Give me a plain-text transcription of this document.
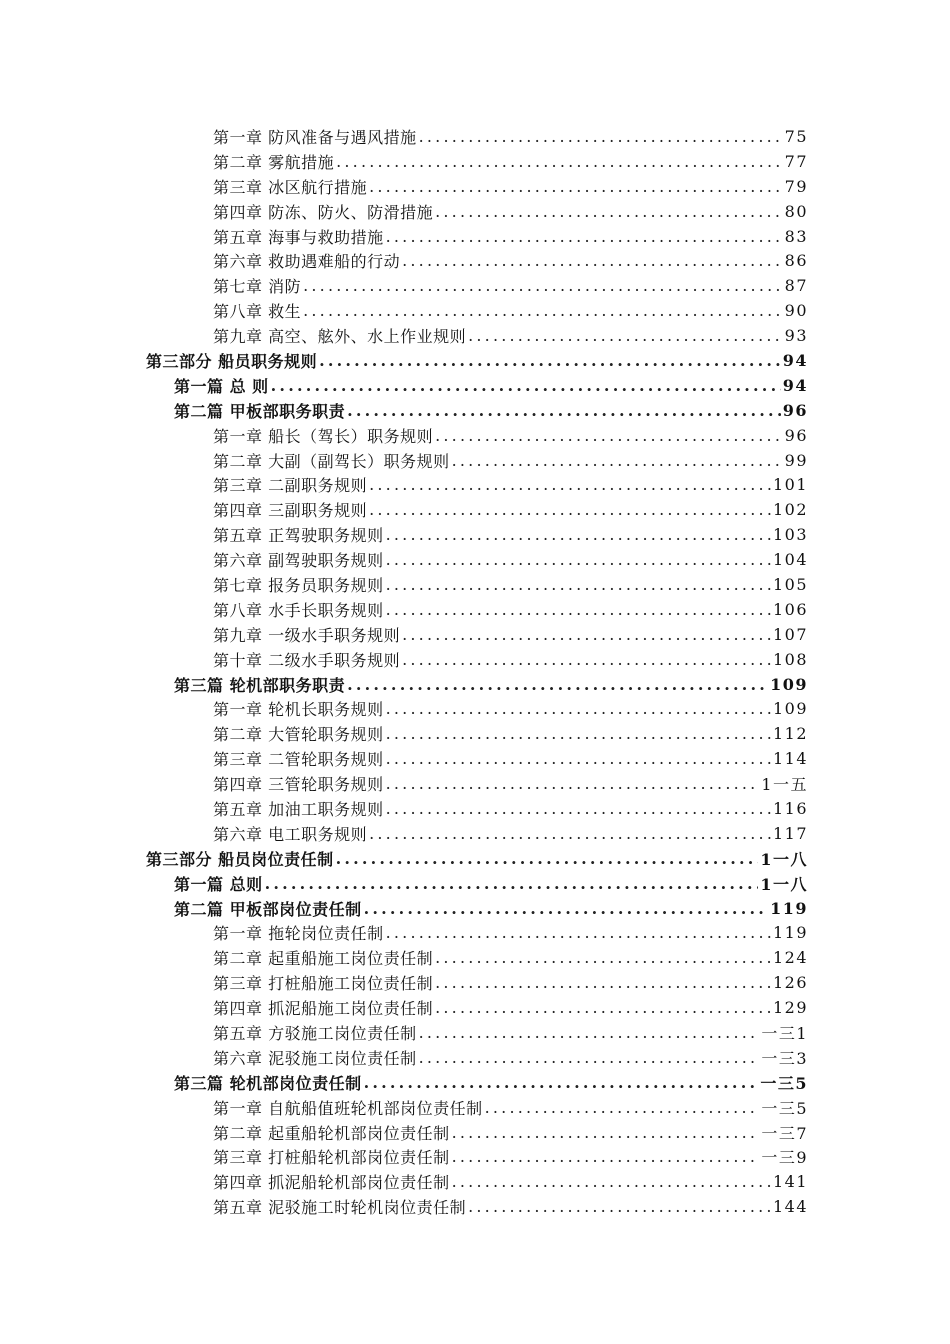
第一章 防风准备与遇风措施 .....	75
第二章 雾航措施 .....	77
第三章 冰区航行措施 .....	79
第四章 防冻、防火、防滑措施 .....	80
第五章 海事与救助措施 .....	83
第六章 救助遇难船的行动 .....	86
第七章 消防 .....	87
第八章 救生 .....	90
第九章 高空、舷外、水上作业规则 .....	93
第三部分 船员职务规则 .....	94
第一篇 总 则 .....	94
第二篇 甲板部职务职责 .....	96
第一章 船长（驾长）职务规则 .....	96
第二章 大副（副驾长）职务规则 .....	99
第三章 二副职务规则 .....	101
第四章 三副职务规则 .....	102
第五章 正驾驶职务规则 .....	103
第六章 副驾驶职务规则 .....	104
第七章 报务员职务规则 .....	105
第八章 水手长职务规则 .....	106
第九章 一级水手职务规则 .....	107
第十章 二级水手职务规则 .....	108
第三篇 轮机部职务职责 .....	109
第一章 轮机长职务规则 .....	109
第二章 大管轮职务规则 .....	112
第三章 二管轮职务规则 .....	114
第四章 三管轮职务规则 .....	1一五
第五章 加油工职务规则 .....	116
第六章 电工职务规则 .....	117
第三部分 船员岗位责任制 .....	1一八
第一篇 总则 .....	1一八
第二篇 甲板部岗位责任制 .....	119
第一章 拖轮岗位责任制 .....	119
第二章 起重船施工岗位责任制 .....	124
第三章 打桩船施工岗位责任制 .....	126
第四章 抓泥船施工岗位责任制 .....	129
第五章 方驳施工岗位责任制 .....	一三1
第六章 泥驳施工岗位责任制 .....	一三3
第三篇 轮机部岗位责任制 .....	一三5
第一章 自航船值班轮机部岗位责任制 .....	一三5
第二章 起重船轮机部岗位责任制 .....	一三7
第三章 打桩船轮机部岗位责任制 .....	一三9
第四章 抓泥船轮机部岗位责任制 .....	141
第五章 泥驳施工时轮机岗位责任制 .....	144
